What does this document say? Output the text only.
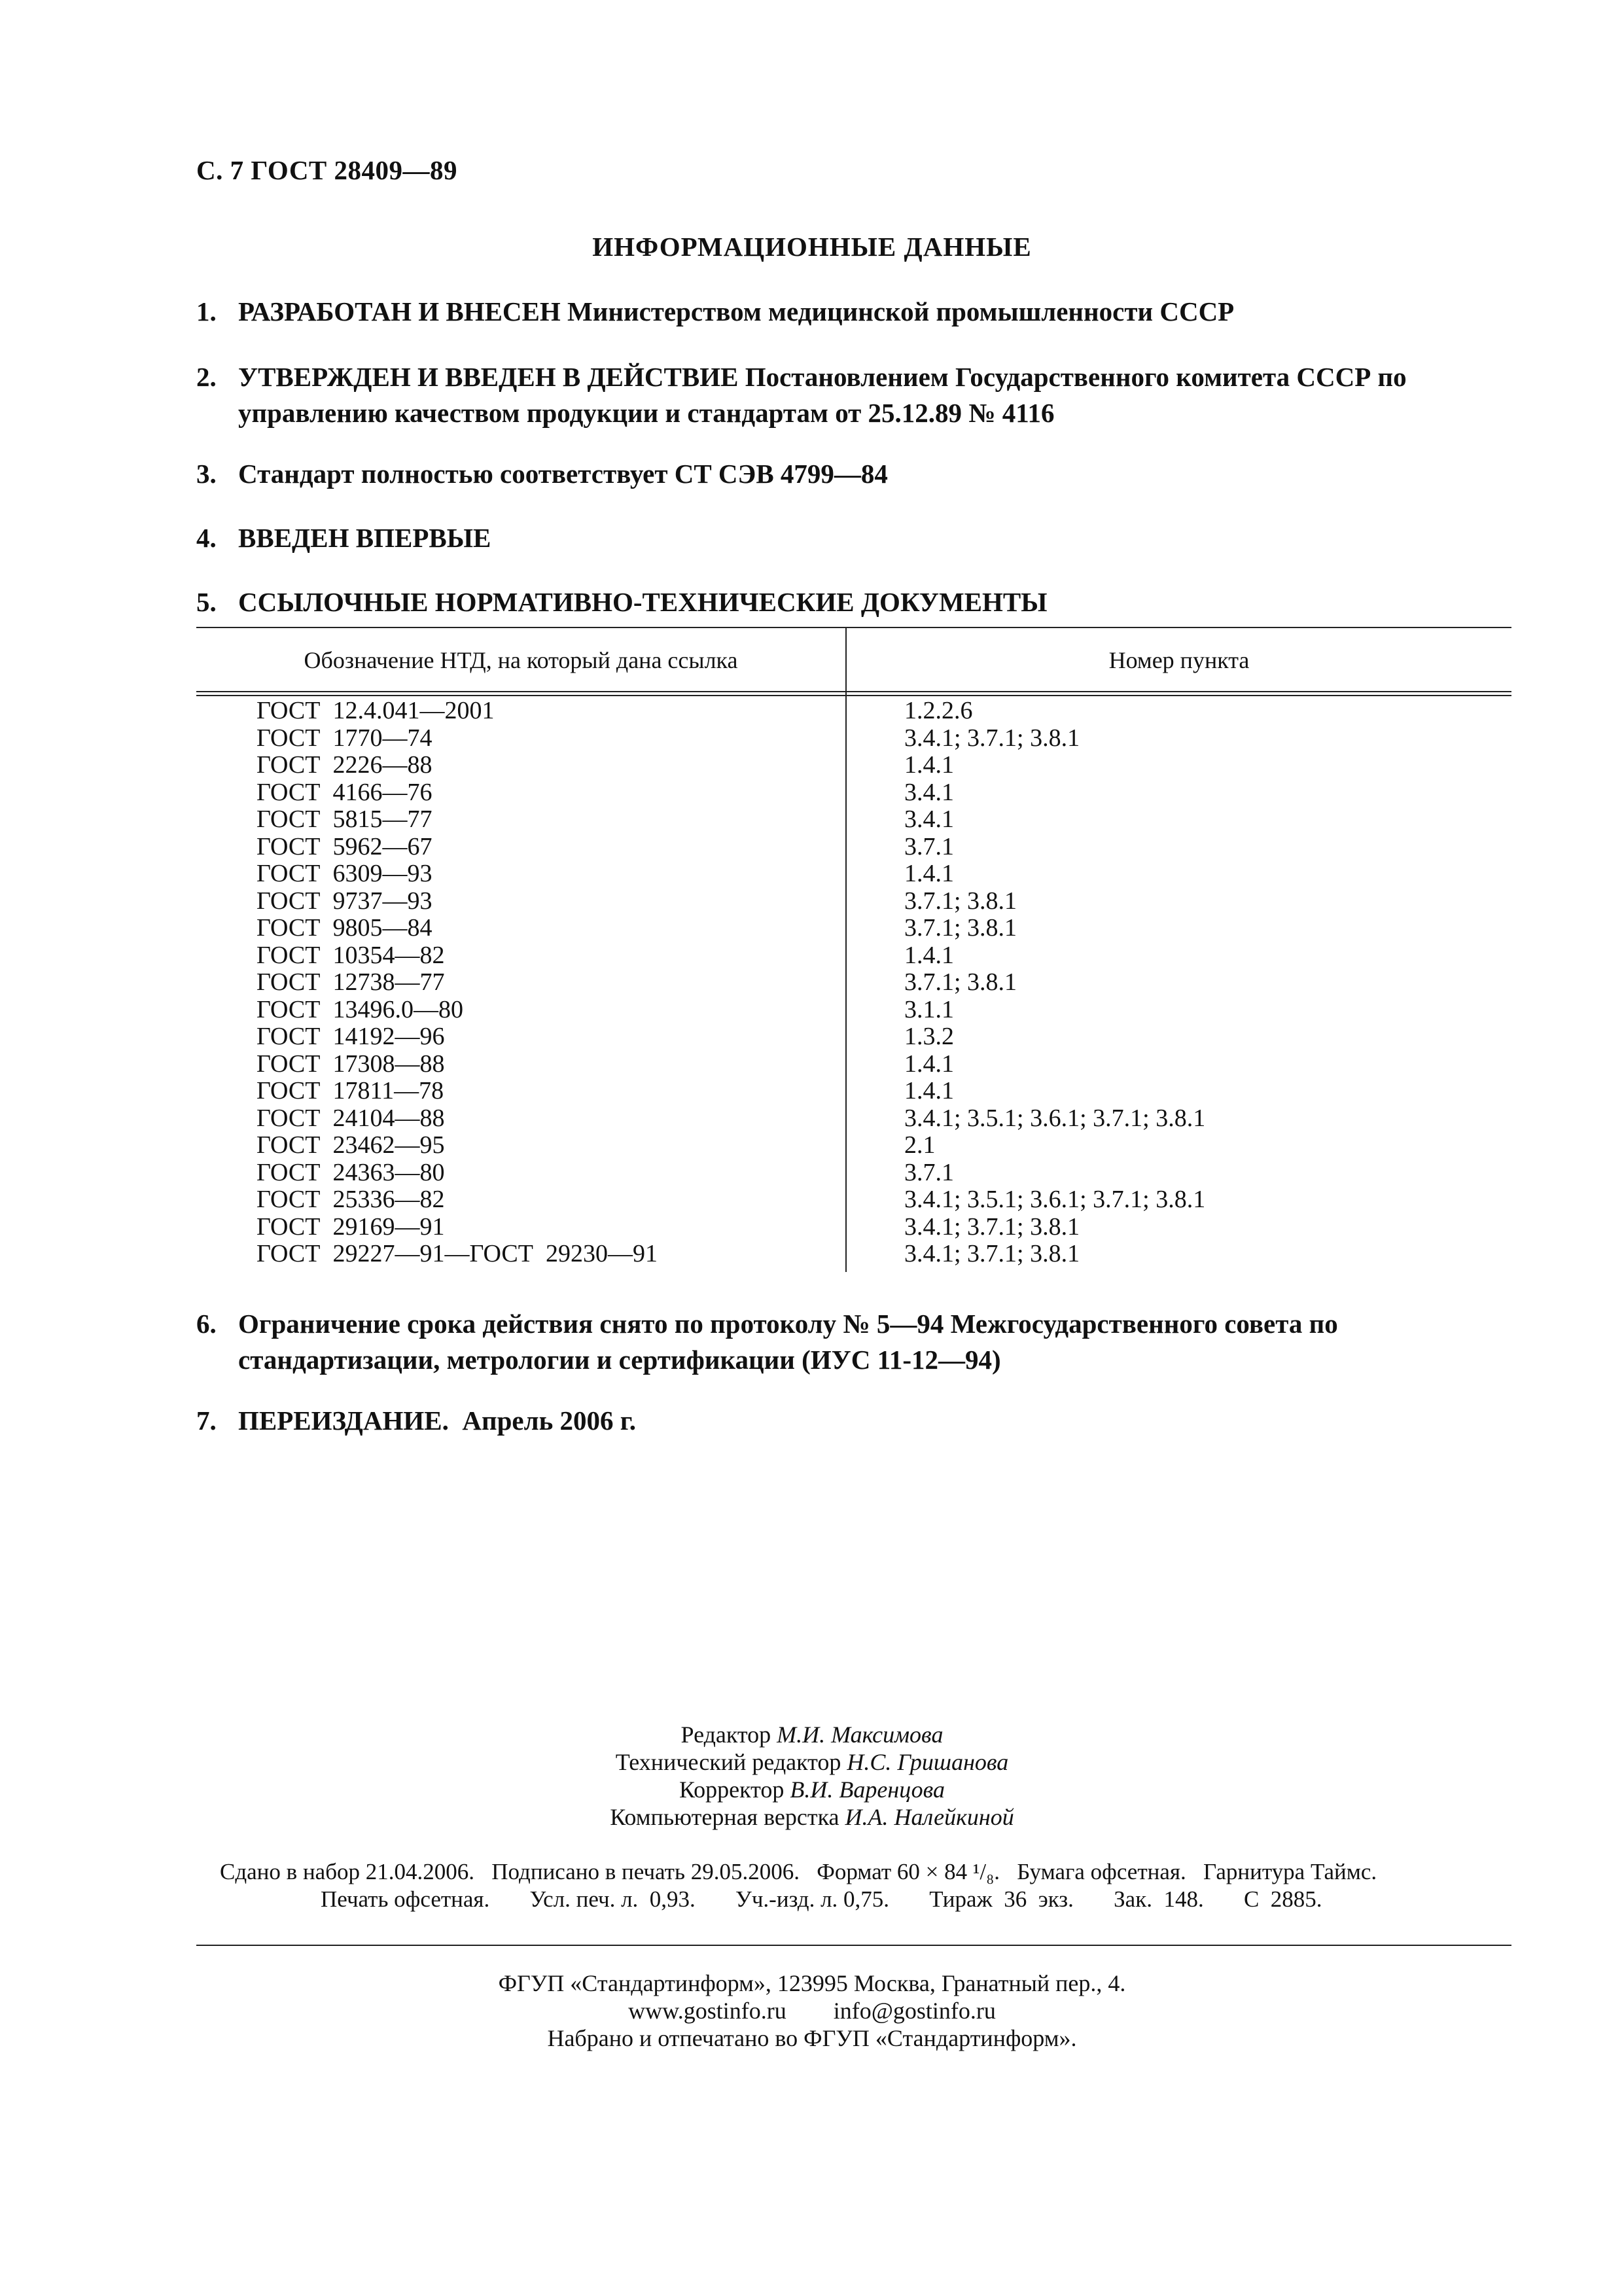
С. 7 ГОСТ 28409—89
ИНФОРМАЦИОННЫЕ ДАННЫЕ
1. РАЗРАБОТАН И ВНЕСЕН Министерством медицинской промышленности СССР
2. УТВЕРЖДЕН И ВВЕДЕН В ДЕЙСТВИЕ Постановлением Государственного комитета СССР по управлению качеством продукции и стандартам от 25.12.89 № 4116
3. Стандарт полностью соответствует СТ СЭВ 4799—84
4. ВВЕДЕН ВПЕРВЫЕ
5. ССЫЛОЧНЫЕ НОРМАТИВНО-ТЕХНИЧЕСКИЕ ДОКУМЕНТЫ
Обозначение НТД, на который дана ссылка	Номер пункта
ГОСТ  12.4.041—2001	1.2.2.6
ГОСТ  1770—74	3.4.1; 3.7.1; 3.8.1
ГОСТ  2226—88	1.4.1
ГОСТ  4166—76	3.4.1
ГОСТ  5815—77	3.4.1
ГОСТ  5962—67	3.7.1
ГОСТ  6309—93	1.4.1
ГОСТ  9737—93	3.7.1; 3.8.1
ГОСТ  9805—84	3.7.1; 3.8.1
ГОСТ  10354—82	1.4.1
ГОСТ  12738—77	3.7.1; 3.8.1
ГОСТ  13496.0—80	3.1.1
ГОСТ  14192—96	1.3.2
ГОСТ  17308—88	1.4.1
ГОСТ  17811—78	1.4.1
ГОСТ  24104—88	3.4.1; 3.5.1; 3.6.1; 3.7.1; 3.8.1
ГОСТ  23462—95	2.1
ГОСТ  24363—80	3.7.1
ГОСТ  25336—82	3.4.1; 3.5.1; 3.6.1; 3.7.1; 3.8.1
ГОСТ  29169—91	3.4.1; 3.7.1; 3.8.1
ГОСТ  29227—91—ГОСТ  29230—91	3.4.1; 3.7.1; 3.8.1
6. Ограничение срока действия снято по протоколу № 5—94 Межгосударственного совета по стандартизации, метрологии и сертификации (ИУС 11-12—94)
7. ПЕРЕИЗДАНИЕ.  Апрель 2006 г.
Редактор М.И. Максимова
Технический редактор Н.С. Гришанова
Корректор В.И. Варенцова
Компьютерная верстка И.А. Налейкиной
Сдано в набор 21.04.2006.   Подписано в печать 29.05.2006.   Формат 60 × 84 ¹/₈.   Бумага офсетная.   Гарнитура Таймс.
Печать офсетная.       Усл. печ. л.  0,93.       Уч.-изд. л. 0,75.       Тираж  36  экз.       Зак.  148.       С  2885.
ФГУП «Стандартинформ», 123995 Москва, Гранатный пер., 4.
www.gostinfo.ru info@gostinfo.ru
Набрано и отпечатано во ФГУП «Стандартинформ».
